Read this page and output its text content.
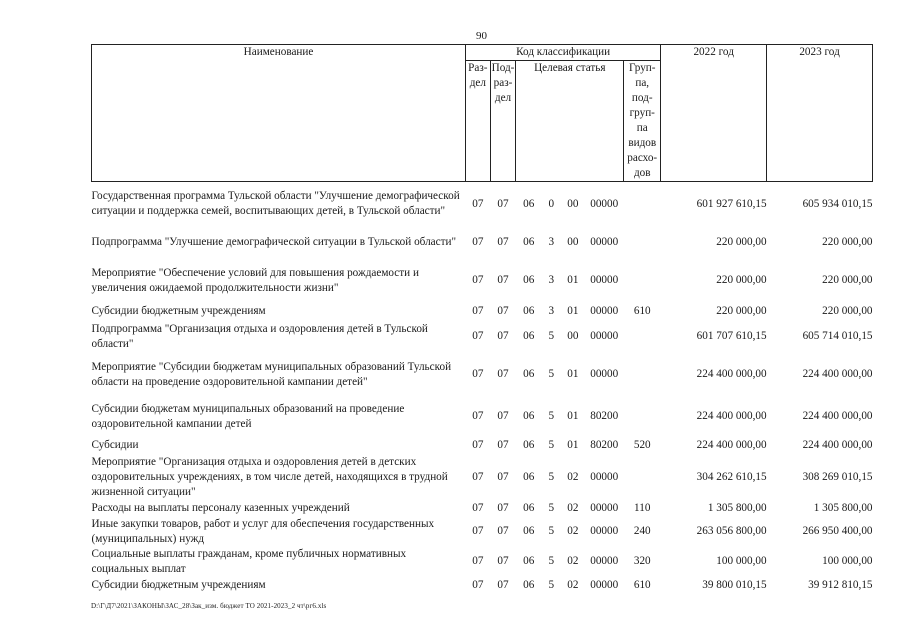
90
Наименование	Код классификации							2022 год	2023 год
	Раз-дел	Под-раз-дел	Целевая статья				Груп-па, под-груп-па видов расхо-дов		
Государственная программа Тульской области "Улучшение демографической ситуации и поддержка семей, воспитывающих детей, в Тульской области"	07	07	06	0	00	00000		601 927 610,15	605 934 010,15
Подпрограмма "Улучшение демографической ситуации в Тульской области"	07	07	06	3	00	00000		220 000,00	220 000,00
Мероприятие "Обеспечение условий для повышения рождаемости и увеличения ожидаемой продолжительности жизни"	07	07	06	3	01	00000		220 000,00	220 000,00
Субсидии бюджетным учреждениям	07	07	06	3	01	00000	610	220 000,00	220 000,00
Подпрограмма "Организация отдыха и оздоровления детей в Тульской области"	07	07	06	5	00	00000		601 707 610,15	605 714 010,15
Мероприятие "Субсидии бюджетам муниципальных образований Тульской области на проведение оздоровительной кампании детей"	07	07	06	5	01	00000		224 400 000,00	224 400 000,00
Субсидии бюджетам муниципальных образований на проведение оздоровительной кампании детей	07	07	06	5	01	80200		224 400 000,00	224 400 000,00
Субсидии	07	07	06	5	01	80200	520	224 400 000,00	224 400 000,00
Мероприятие "Организация отдыха и оздоровления детей в детских оздоровительных учреждениях, в том числе детей, находящихся в трудной жизненной ситуации"	07	07	06	5	02	00000		304 262 610,15	308 269 010,15
Расходы на выплаты персоналу казенных учреждений	07	07	06	5	02	00000	110	1 305 800,00	1 305 800,00
Иные закупки товаров, работ и услуг для обеспечения государственных (муниципальных) нужд	07	07	06	5	02	00000	240	263 056 800,00	266 950 400,00
Социальные выплаты гражданам, кроме публичных нормативных социальных выплат	07	07	06	5	02	00000	320	100 000,00	100 000,00
Субсидии бюджетным учреждениям	07	07	06	5	02	00000	610	39 800 010,15	39 912 810,15
D:\Г\Д7\2021\ЗАКОНЫ\ЗАС_28\Зак_изм. бюджет ТО 2021-2023_2 чт\рг6.xls
